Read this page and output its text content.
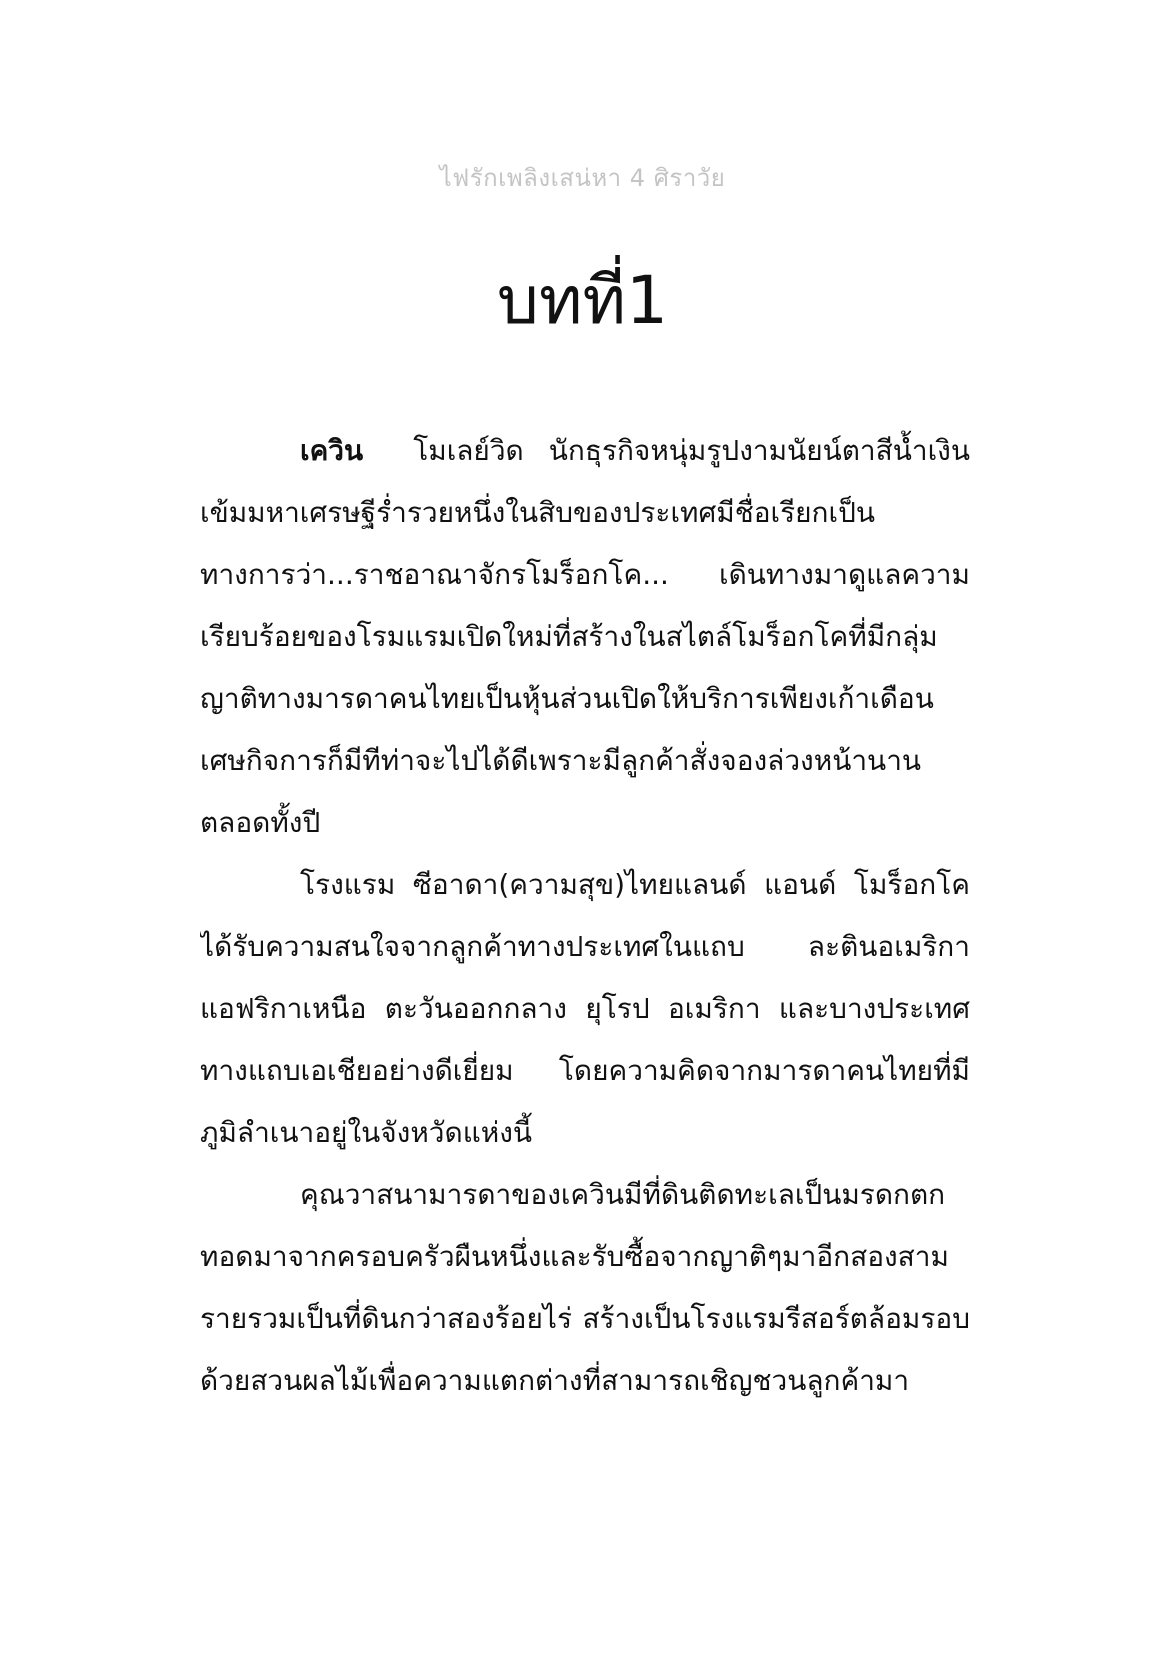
ไฟรักเพลิงเสน่หา 4 ศิราวัย
บทที่1
เควิน โมเลย์วิด นักธุรกิจหนุ่มรูปงามนัยน์ตาสีน้ำเงิน
เข้มมหาเศรษฐีร่ำรวยหนึ่งในสิบของประเทศมีชื่อเรียกเป็น
ทางการว่า...ราชอาณาจักรโมร็อกโค... เดินทางมาดูแลความ
เรียบร้อยของโรมแรมเปิดใหม่ที่สร้างในสไตล์โมร็อกโคที่มีกลุ่ม
ญาติทางมารดาคนไทยเป็นหุ้นส่วนเปิดให้บริการเพียงเก้าเดือน
เศษกิจการก็มีทีท่าจะไปได้ดีเพราะมีลูกค้าสั่งจองล่วงหน้านาน
ตลอดทั้งปี
โรงแรม ซีอาดา(ความสุข)ไทยแลนด์ แอนด์ โมร็อกโค
ได้รับความสนใจจากลูกค้าทางประเทศในแถบ ละตินอเมริกา
แอฟริกาเหนือ ตะวันออกกลาง ยุโรป อเมริกา และบางประเทศ
ทางแถบเอเชียอย่างดีเยี่ยม โดยความคิดจากมารดาคนไทยที่มี
ภูมิลำเนาอยู่ในจังหวัดแห่งนี้
คุณวาสนามารดาของเควินมีที่ดินติดทะเลเป็นมรดกตก
ทอดมาจากครอบครัวผืนหนึ่งและรับซื้อจากญาติๆมาอีกสองสาม
รายรวมเป็นที่ดินกว่าสองร้อยไร่ สร้างเป็นโรงแรมรีสอร์ตล้อมรอบ
ด้วยสวนผลไม้เพื่อความแตกต่างที่สามารถเชิญชวนลูกค้ามา
